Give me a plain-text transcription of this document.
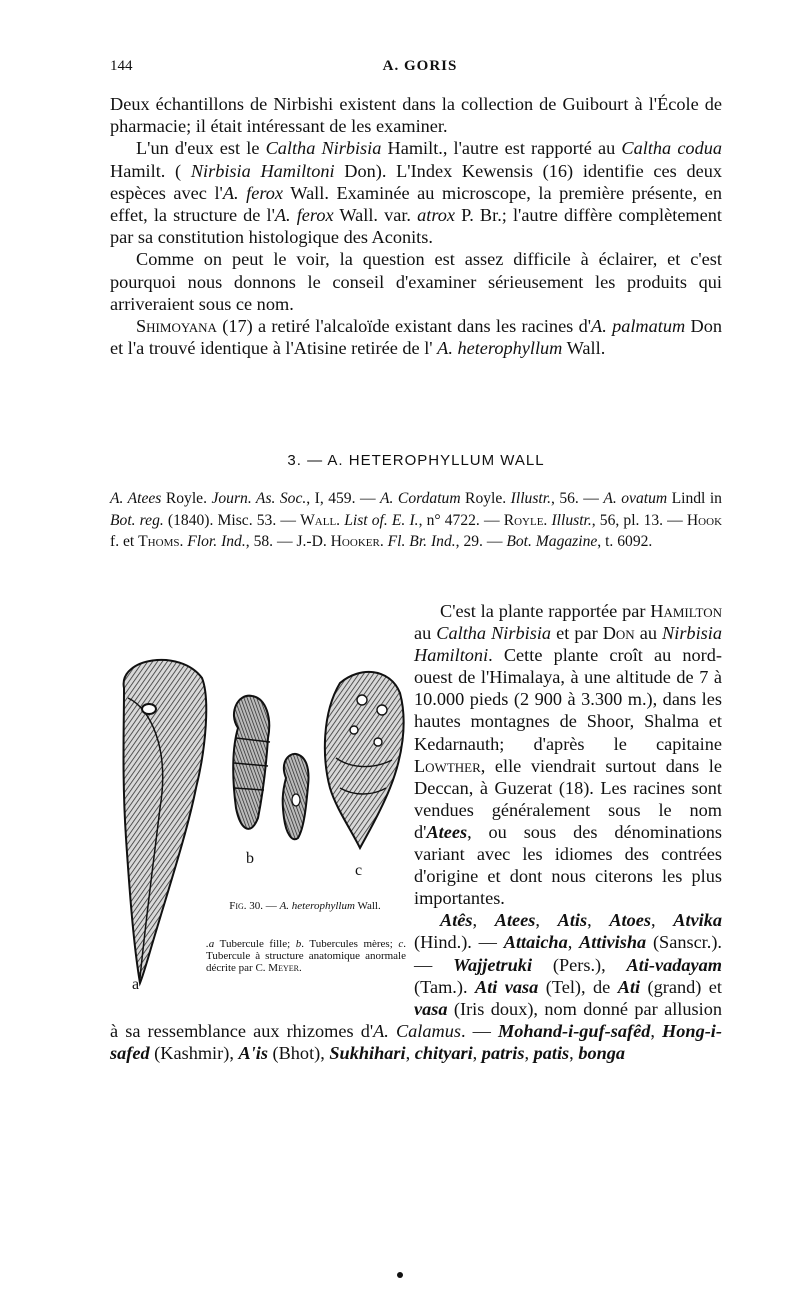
144	A. GORIS

Deux échantillons de Nirbishi existent dans la collection de Guibourt à l'École de pharmacie; il était intéressant de les examiner.

L'un d'eux est le Caltha Nirbisia Hamilt., l'autre est rapporté au Caltha codua Hamilt. ( Nirbisia Hamiltoni Don). L'Index Kewensis (16) identifie ces deux espèces avec l'A. ferox Wall. Examinée au microscope, la première présente, en effet, la structure de l'A. ferox Wall. var. atrox P. Br.; l'autre diffère complètement par sa constitution histologique des Aconits.

Comme on peut le voir, la question est assez difficile à éclairer, et c'est pourquoi nous donnons le conseil d'examiner sérieusement les produits qui arriveraient sous ce nom.

Shimoyana (17) a retiré l'alcaloïde existant dans les racines d'A. palmatum Don et l'a trouvé identique à l'Atisine retirée de l' A. heterophyllum Wall.

3. — A. HETEROPHYLLUM WALL
A. Atees Royle. Journ. As. Soc., I, 459. — A. Cordatum Royle. Illustr., 56. — A. ovatum Lindl in Bot. reg. (1840). Misc. 53. — Wall. List of. E. I., n° 4722. — Royle. Illustr., 56, pl. 13. — Hook f. et Thoms. Flor. Ind., 58. — J.-D. Hooker. Fl. Br. Ind., 29. — Bot. Magazine, t. 6092.
a
b
c
Fig. 30. — A. heterophyllum Wall.
.a Tubercule fille; b. Tubercules mères; c. Tubercule à structure anatomique anormale décrite par C. Meyer.

C'est la plante rapportée par Hamilton au Caltha Nirbisia et par Don au Nirbisia Hamiltoni. Cette plante croît au nord-ouest de l'Himalaya, à une altitude de 7 à 10.000 pieds (2 900 à 3.300 m.), dans les hautes montagnes de Shoor, Shalma et Kedarnauth; d'après le capitaine Lowther, elle viendrait surtout dans le Deccan, à Guzerat (18). Les racines sont vendues généralement sous le nom d'Atees, ou sous des dénominations variant avec les idiomes des contrées d'origine et dont nous citerons les plus importantes.

Atês, Atees, Atis, Atoes, Atvika (Hind.). — Attaicha, Attivisha (Sanscr.). — Wajjetruki (Pers.), Ati-vadayam (Tam.). Ati vasa (Tel), de Ati (grand) et vasa (Iris doux), nom donné par allusion à sa ressemblance aux rhizomes d'A. Calamus. — Mohand-i-guf-safêd, Hong-i-safed (Kashmir), A'is (Bhot), Sukhihari, chityari, patris, patis, bonga
